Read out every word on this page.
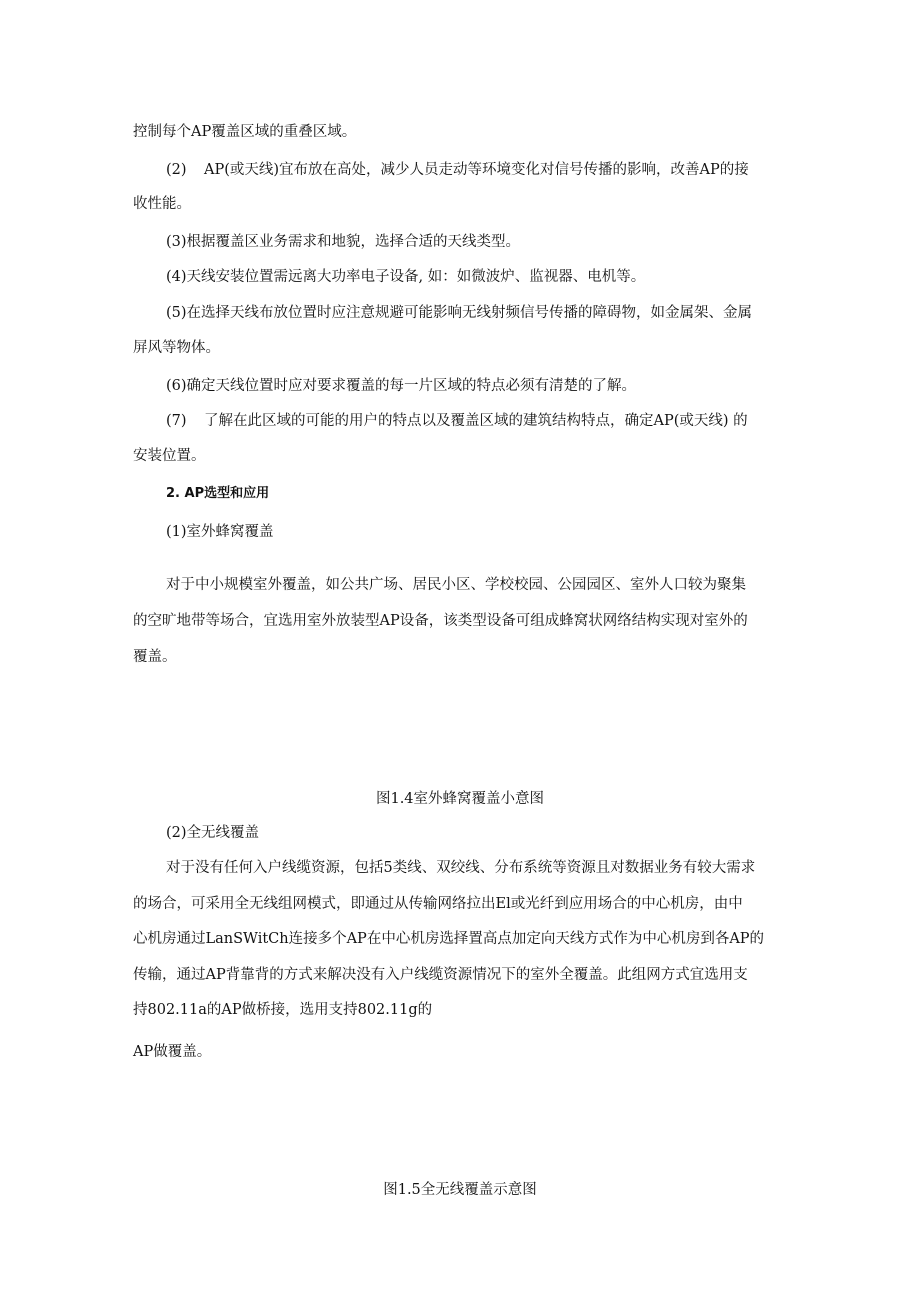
控制每个AP覆盖区域的重叠区域。
(2) AP(或天线)宜布放在高处，减少人员走动等环境变化对信号传播的影响，改善AP的接
收性能。
(3)根据覆盖区业务需求和地貌，选择合适的天线类型。
(4)天线安装位置需远离大功率电子设备, 如：如微波炉、监视器、电机等。
(5)在选择天线布放位置时应注意规避可能影响无线射频信号传播的障碍物，如金属架、金属
屏风等物体。
(6)确定天线位置时应对要求覆盖的每一片区域的特点必须有清楚的了解。
(7) 了解在此区域的可能的用户的特点以及覆盖区域的建筑结构特点，确定AP(或天线) 的
安装位置。
2. AP选型和应用
(1)室外蜂窝覆盖
对于中小规模室外覆盖，如公共广场、居民小区、学校校园、公园园区、室外人口较为聚集
的空旷地带等场合，宜选用室外放装型AP设备，该类型设备可组成蜂窝状网络结构实现对室外的
覆盖。
图1.4室外蜂窝覆盖小意图
(2)全无线覆盖
对于没有任何入户线缆资源，包括5类线、双绞线、分布系统等资源且对数据业务有较大需求
的场合，可采用全无线组网模式，即通过从传输网络拉出El或光纤到应用场合的中心机房，由中
心机房通过LanSWitCh连接多个AP在中心机房选择置高点加定向天线方式作为中心机房到各AP的
传输，通过AP背靠背的方式来解决没有入户线缆资源情况下的室外全覆盖。此组网方式宜选用支
持802.11a的AP做桥接，选用支持802.11g的
AP做覆盖。
图1.5全无线覆盖示意图
